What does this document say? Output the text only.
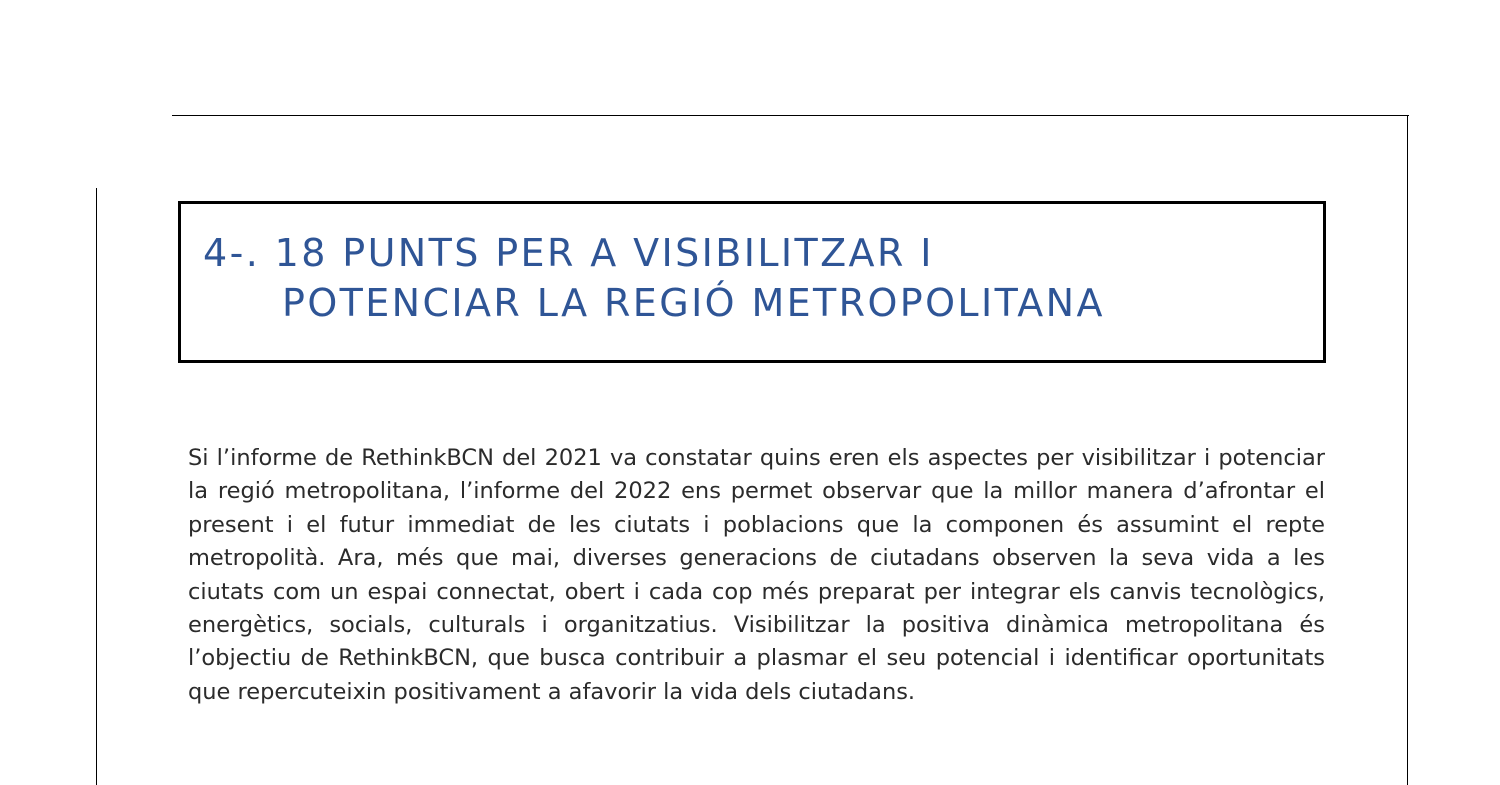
4-. 18 PUNTS PER A VISIBILITZAR I
POTENCIAR LA REGIÓ METROPOLITANA

Si l’informe de RethinkBCN del 2021 va constatar quins eren els aspectes per visibilitzar i potenciar la regió metropolitana, l’informe del 2022 ens permet observar que la millor manera d’afrontar el present i el futur immediat de les ciutats i poblacions que la componen és assumint el repte metropolità. Ara, més que mai, diverses generacions de ciutadans observen la seva vida a les ciutats com un espai connectat, obert i cada cop més preparat per integrar els canvis tecnològics, energètics, socials, culturals i organitzatius. Visibilitzar la positiva dinàmica metropolitana és l’objectiu de RethinkBCN, que busca contribuir a plasmar el seu potencial i identificar oportunitats que repercuteixin positivament a afavorir la vida dels ciutadans.
